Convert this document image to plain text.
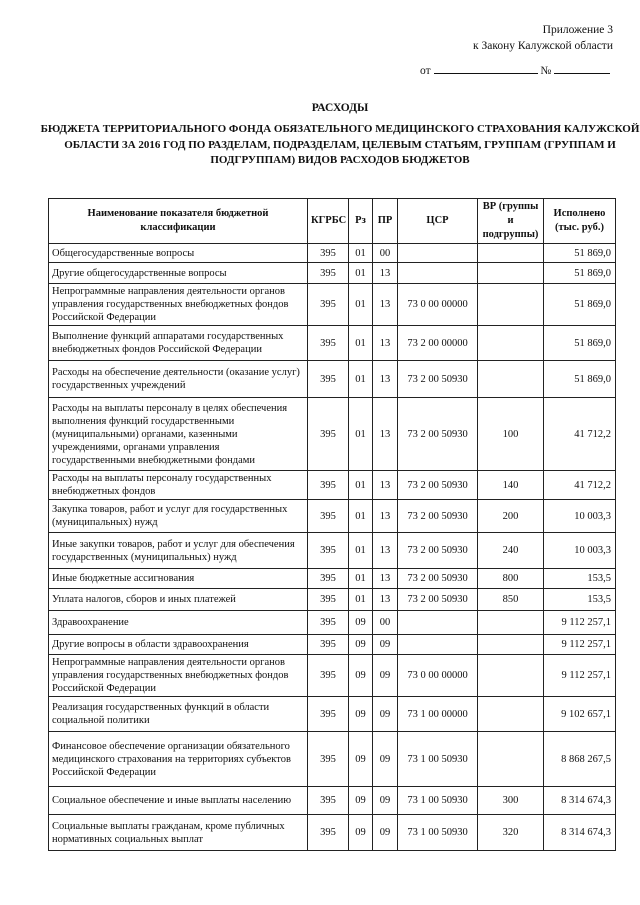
Приложение 3
к Закону Калужской области
от	№
РАСХОДЫ
БЮДЖЕТА ТЕРРИТОРИАЛЬНОГО ФОНДА ОБЯЗАТЕЛЬНОГО МЕДИЦИНСКОГО СТРАХОВАНИЯ КАЛУЖСКОЙ ОБЛАСТИ ЗА 2016 ГОД ПО РАЗДЕЛАМ, ПОДРАЗДЕЛАМ, ЦЕЛЕВЫМ СТАТЬЯМ, ГРУППАМ (ГРУППАМ И ПОДГРУППАМ) ВИДОВ РАСХОДОВ БЮДЖЕТОВ
Наименование показателя бюджетной классификации	КГРБС	Рз	ПР	ЦСР	ВР (группы и подгруппы)	Исполнено (тыс. руб.)
Общегосударственные вопросы	395	01	00			51 869,0
Другие общегосударственные вопросы	395	01	13			51 869,0
Непрограммные направления деятельности органов управления государственных внебюджетных фондов Российской Федерации	395	01	13	73 0 00 00000		51 869,0
Выполнение функций аппаратами государственных внебюджетных фондов Российской Федерации	395	01	13	73 2 00 00000		51 869,0
Расходы на обеспечение деятельности (оказание услуг) государственных учреждений	395	01	13	73 2 00 50930		51 869,0
Расходы на выплаты персоналу в целях обеспечения выполнения функций государственными (муниципальными) органами, казенными учреждениями, органами управления государственными внебюджетными фондами	395	01	13	73 2 00 50930	100	41 712,2
Расходы на выплаты персоналу государственных внебюджетных фондов	395	01	13	73 2 00 50930	140	41 712,2
Закупка товаров, работ и услуг для государственных (муниципальных) нужд	395	01	13	73 2 00 50930	200	10 003,3
Иные закупки товаров, работ и услуг для обеспечения государственных (муниципальных) нужд	395	01	13	73 2 00 50930	240	10 003,3
Иные бюджетные ассигнования	395	01	13	73 2 00 50930	800	153,5
Уплата налогов, сборов и иных платежей	395	01	13	73 2 00 50930	850	153,5
Здравоохранение	395	09	00			9 112 257,1
Другие вопросы в области здравоохранения	395	09	09			9 112 257,1
Непрограммные направления деятельности органов управления государственных внебюджетных фондов Российской Федерации	395	09	09	73 0 00 00000		9 112 257,1
Реализация государственных функций в области социальной политики	395	09	09	73 1 00 00000		9 102 657,1
Финансовое обеспечение организации обязательного медицинского страхования на территориях субъектов Российской Федерации	395	09	09	73 1 00 50930		8 868 267,5
Социальное обеспечение и иные выплаты населению	395	09	09	73 1 00 50930	300	8 314 674,3
Социальные выплаты гражданам, кроме публичных нормативных социальных выплат	395	09	09	73 1 00 50930	320	8 314 674,3
